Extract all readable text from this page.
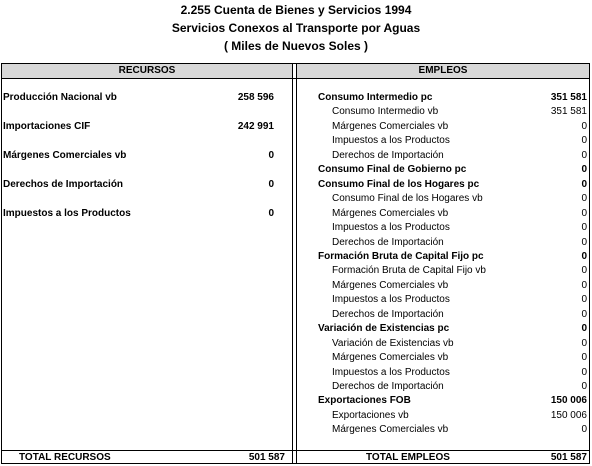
2.255 Cuenta de Bienes y Servicios 1994
Servicios Conexos al Transporte por Aguas
( Miles de Nuevos Soles )
RECURSOS	EMPLEOS
Producción Nacional vb	258 596
Importaciones CIF	242 991
Márgenes Comerciales vb	0
Derechos de Importación	0
Impuestos a los Productos	0
Consumo Intermedio pc	351 581
Consumo Intermedio vb	351 581
Márgenes Comerciales vb	0
Impuestos a los Productos	0
Derechos de Importación	0
Consumo Final de Gobierno pc	0
Consumo Final de los Hogares pc	0
Consumo Final de los Hogares vb	0
Márgenes Comerciales vb	0
Impuestos a los Productos	0
Derechos de Importación	0
Formación Bruta de Capital Fijo pc	0
Formación Bruta de Capital Fijo vb	0
Márgenes Comerciales vb	0
Impuestos a los Productos	0
Derechos de Importación	0
Variación de Existencias pc	0
Variación de Existencias vb	0
Márgenes Comerciales vb	0
Impuestos a los Productos	0
Derechos de Importación	0
Exportaciones FOB	150 006
Exportaciones vb	150 006
Márgenes Comerciales vb	0
TOTAL RECURSOS	501 587	TOTAL EMPLEOS	501 587
